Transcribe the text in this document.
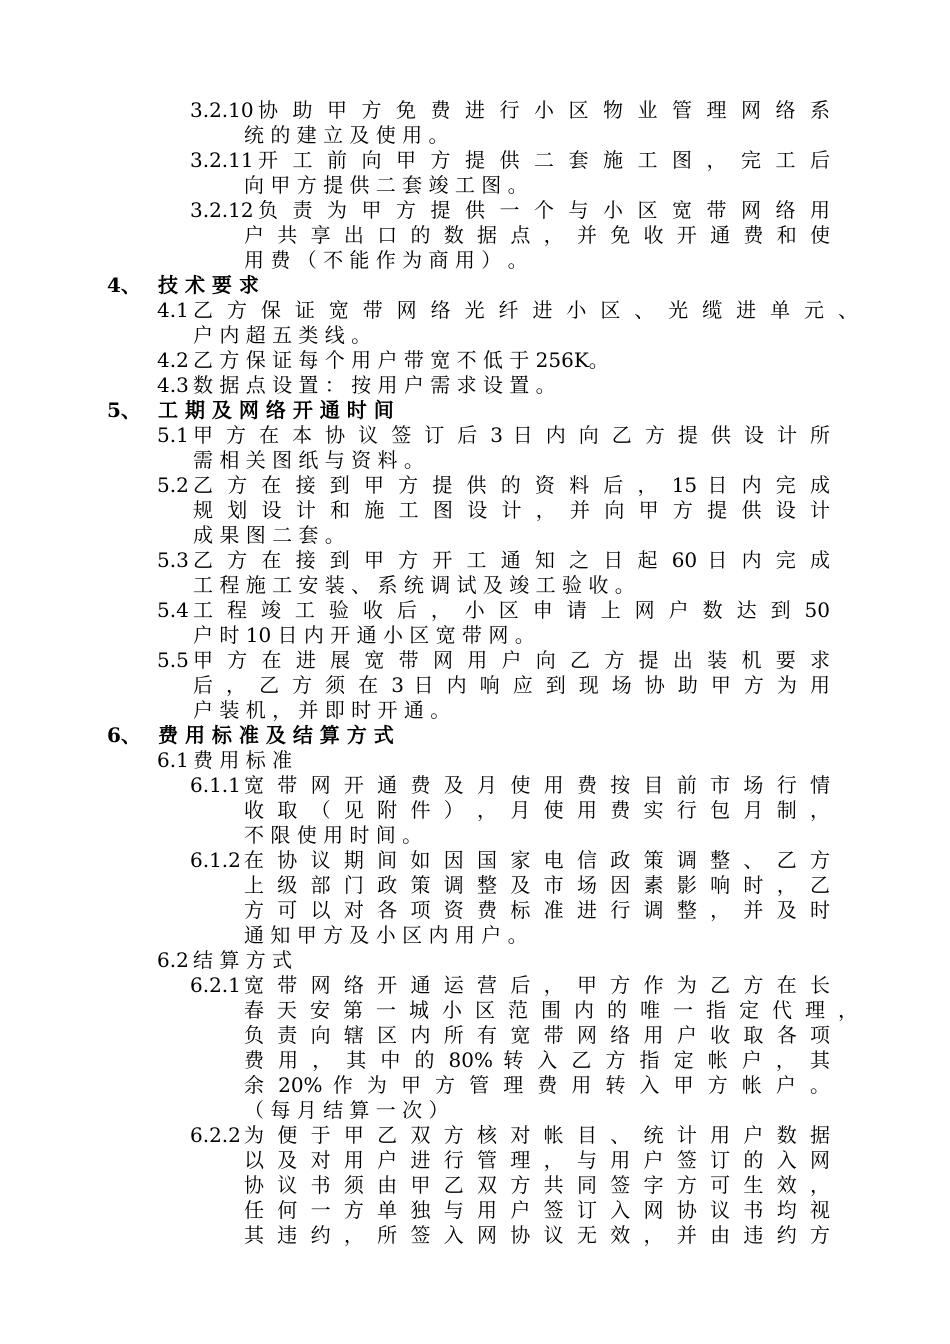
3.2.10 协 助 甲 方 免 费 进 行 小 区 物 业 管 理 网 络 系
统 的 建 立 及 使 用 。
3.2.11 开 工 前 向 甲 方 提 供 二 套 施 工 图 ， 完 工 后
向 甲 方 提 供 二 套 竣 工 图 。
3.2.12 负 责 为 甲 方 提 供 一 个 与 小 区 宽 带 网 络 用
户 共 享 出 口 的 数 据 点 ， 并 免 收 开 通 费 和 使
用 费 （ 不 能 作 为 商 用 ） 。
4、 技 术 要 求
4.1 乙 方 保 证 宽 带 网 络 光 纤 进 小 区 、 光 缆 进 单 元 、
户 内 超 五 类 线 。
4.2 乙 方 保 证 每 个 用 户 带 宽 不 低 于 256K。
4.3 数 据 点 设 置 ： 按 用 户 需 求 设 置 。
5、 工 期 及 网 络 开 通 时 间
5.1 甲 方 在 本 协 议 签 订 后 3 日 内 向 乙 方 提 供 设 计 所
需 相 关 图 纸 与 资 料 。
5.2 乙 方 在 接 到 甲 方 提 供 的 资 料 后 ， 15 日 内 完 成
规 划 设 计 和 施 工 图 设 计 ， 并 向 甲 方 提 供 设 计
成 果 图 二 套 。
5.3 乙 方 在 接 到 甲 方 开 工 通 知 之 日 起 60 日 内 完 成
工 程 施 工 安 装 、 系 统 调 试 及 竣 工 验 收 。
5.4 工 程 竣 工 验 收 后 ， 小 区 申 请 上 网 户 数 达 到 50
户 时 10 日 内 开 通 小 区 宽 带 网 。
5.5 甲 方 在 进 展 宽 带 网 用 户 向 乙 方 提 出 装 机 要 求
后 ， 乙 方 须 在 3 日 内 响 应 到 现 场 协 助 甲 方 为 用
户 装 机 ， 并 即 时 开 通 。
6、 费 用 标 准 及 结 算 方 式
6.1 费 用 标 准
6.1.1 宽 带 网 开 通 费 及 月 使 用 费 按 目 前 市 场 行 情
收 取 （ 见 附 件 ） ， 月 使 用 费 实 行 包 月 制 ，
不 限 使 用 时 间 。
6.1.2 在 协 议 期 间 如 因 国 家 电 信 政 策 调 整 、 乙 方
上 级 部 门 政 策 调 整 及 市 场 因 素 影 响 时 ， 乙
方 可 以 对 各 项 资 费 标 准 进 行 调 整 ， 并 及 时
通 知 甲 方 及 小 区 内 用 户 。
6.2 结 算 方 式
6.2.1 宽 带 网 络 开 通 运 营 后 ， 甲 方 作 为 乙 方 在 长
春 天 安 第 一 城 小 区 范 围 内 的 唯 一 指 定 代 理 ，
负 责 向 辖 区 内 所 有 宽 带 网 络 用 户 收 取 各 项
费 用 ， 其 中 的 80% 转 入 乙 方 指 定 帐 户 ， 其
余 20% 作 为 甲 方 管 理 费 用 转 入 甲 方 帐 户 。
（ 每 月 结 算 一 次 ）
6.2.2 为 便 于 甲 乙 双 方 核 对 帐 目 、 统 计 用 户 数 据
以 及 对 用 户 进 行 管 理 ， 与 用 户 签 订 的 入 网
协 议 书 须 由 甲 乙 双 方 共 同 签 字 方 可 生 效 ，
任 何 一 方 单 独 与 用 户 签 订 入 网 协 议 书 均 视
其 违 约 ， 所 签 入 网 协 议 无 效 ， 并 由 违 约 方
